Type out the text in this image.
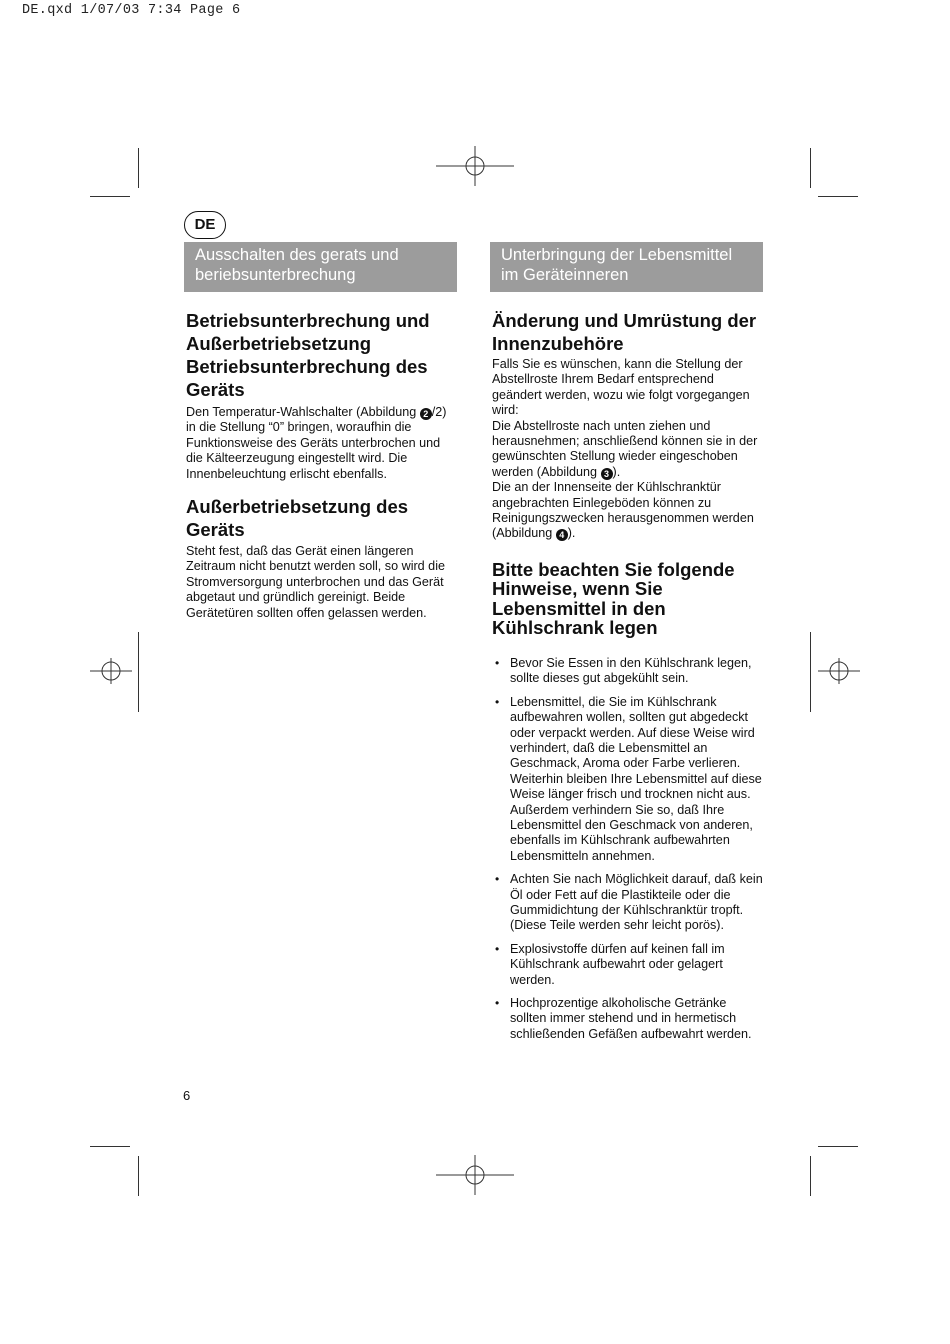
DE.qxd 1/07/03 7:34 Page 6
DE
Ausschalten des gerats und beriebsunterbrechung
Unterbringung der Lebensmittel im Geräteinneren
Betriebsunterbrechung und Außerbetriebsetzung Betriebsunterbrechung des Geräts

Den Temperatur-Wahlschalter (Abbildung 2 /2) in die Stellung “0” bringen, woraufhin die Funktionsweise des Geräts unterbrochen und die Kälteerzeugung eingestellt wird. Die Innenbeleuchtung erlischt ebenfalls.

Außerbetriebsetzung des Geräts

Steht fest, daß das Gerät einen längeren Zeitraum nicht benutzt werden soll, so wird die Stromversorgung unterbrochen und das Gerät abgetaut und gründlich gereinigt. Beide Gerätetüren sollten offen gelassen werden.

Änderung und Umrüstung der Innenzubehöre

Falls Sie es wünschen, kann die Stellung der Abstellroste Ihrem Bedarf entsprechend geändert werden, wozu wie folgt vorgegangen wird:

Die Abstellroste nach unten ziehen und herausnehmen; anschließend können sie in der gewünschten Stellung wieder eingeschoben werden (Abbildung 3 ).

Die an der Innenseite der Kühlschranktür angebrachten Einlegeböden können zu Reinigungszwecken herausgenommen werden (Abbildung 4 ).

Bitte beachten Sie folgende Hinweise, wenn Sie Lebensmittel in den Kühlschrank legen
• Bevor Sie Essen in den Kühlschrank legen, sollte dieses gut abgekühlt sein.
• Lebensmittel, die Sie im Kühlschrank aufbewahren wollen, sollten gut abgedeckt oder verpackt werden. Auf diese Weise wird verhindert, daß die Lebensmittel an Geschmack, Aroma oder Farbe verlieren. Weiterhin bleiben Ihre Lebensmittel auf diese Weise länger frisch und trocknen nicht aus. Außerdem verhindern Sie so, daß Ihre Lebensmittel den Geschmack von anderen, ebenfalls im Kühlschrank aufbewahrten Lebensmitteln annehmen.
• Achten Sie nach Möglichkeit darauf, daß kein Öl oder Fett auf die Plastikteile oder die Gummidichtung der Kühlschranktür tropft. (Diese Teile werden sehr leicht porös).
• Explosivstoffe dürfen auf keinen fall im Kühlschrank aufbewahrt oder gelagert werden.
• Hochprozentige alkoholische Getränke sollten immer stehend und in hermetisch schließenden Gefäßen aufbewahrt werden.
6
